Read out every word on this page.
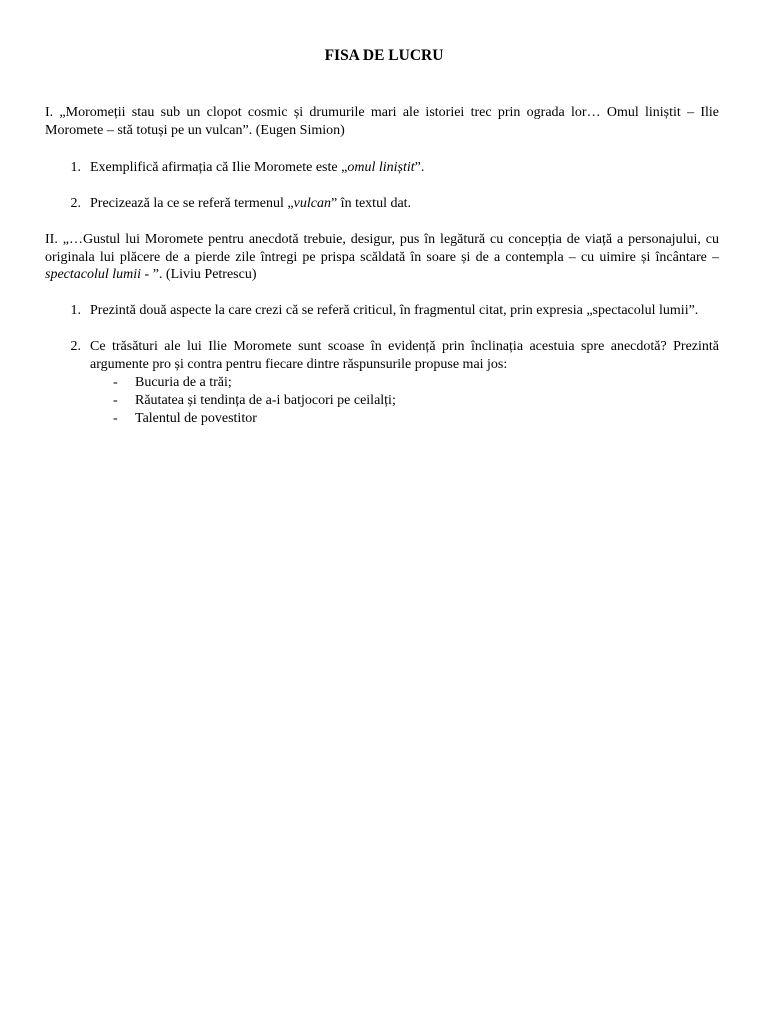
FISA DE LUCRU
I. „Moromeții stau sub un clopot cosmic și drumurile mari ale istoriei trec prin ograda lor… Omul liniștit – Ilie Moromete – stă totuși pe un vulcan”. (Eugen Simion)
1. Exemplifică afirmația că Ilie Moromete este „omul liniștit”.
2. Precizează la ce se referă termenul „vulcan” în textul dat.
II. „…Gustul lui Moromete pentru anecdotă trebuie, desigur, pus în legătură cu concepția de viață a personajului, cu originala lui plăcere de a pierde zile întregi pe prispa scăldată în soare și de a contempla – cu uimire și încântare – spectacolul lumii - ”. (Liviu Petrescu)
1. Prezintă două aspecte la care crezi că se referă criticul, în fragmentul citat, prin expresia „spectacolul lumii”.
2. Ce trăsături ale lui Ilie Moromete sunt scoase în evidență prin înclinația acestuia spre anecdotă? Prezintă argumente pro și contra pentru fiecare dintre răspunsurile propuse mai jos:
- Bucuria de a trăi;
- Răutatea și tendința de a-i batjocori pe ceilalți;
- Talentul de povestitor
